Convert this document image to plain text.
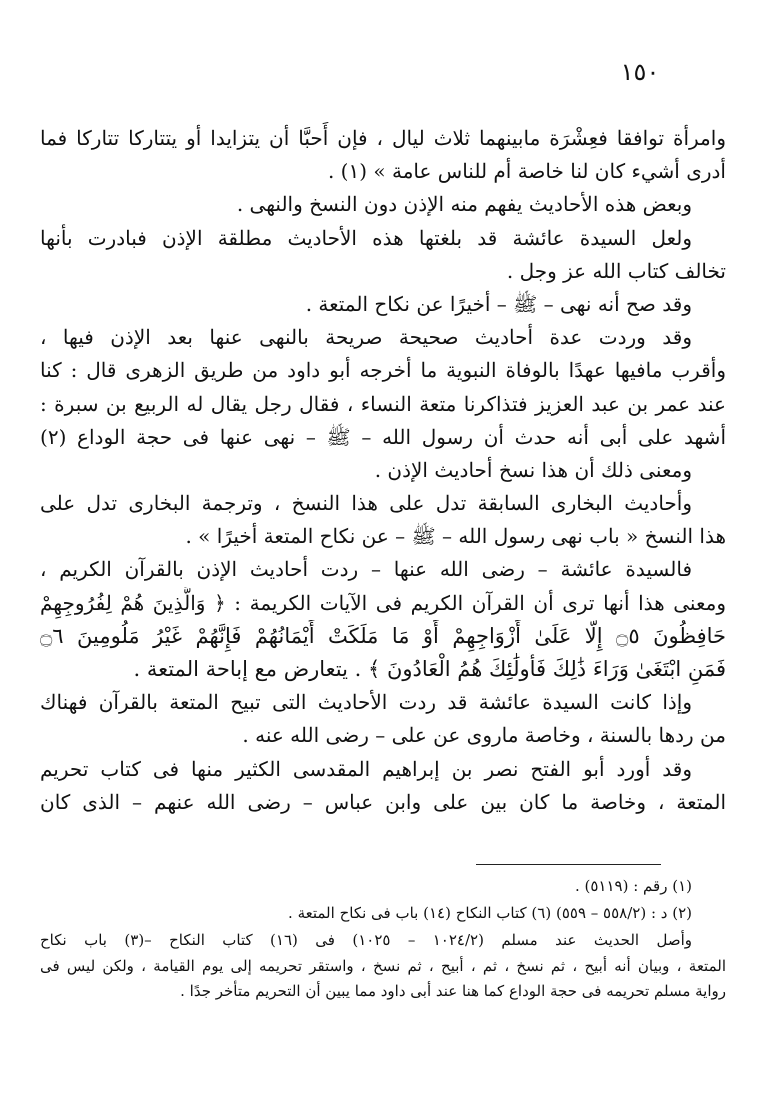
١٥٠
وامرأة توافقا فعِشْرَة مابينهما ثلاث ليال ، فإن أَحبَّا أن يتزايدا أو يتتاركا تتاركا فما
أدرى أشيء كان لنا خاصة أم للناس عامة » (١) .
وبعض هذه الأحاديث يفهم منه الإذن دون النسخ والنهى .
ولعل السيدة عائشة قد بلغتها هذه الأحاديث مطلقة الإذن فبادرت بأنها
تخالف كتاب الله عز وجل .
وقد صح أنه نهى – ﷺ – أخيرًا عن نكاح المتعة .
وقد وردت عدة أحاديث صحيحة صريحة بالنهى عنها بعد الإذن فيها ،
وأقرب مافيها عهدًا بالوفاة النبوية ما أخرجه أبو داود من طريق الزهرى قال : كنا
عند عمر بن عبد العزيز فتذاكرنا متعة النساء ، فقال رجل يقال له الربيع بن سبرة :
أشهد على أبى أنه حدث أن رسول الله – ﷺ – نهى عنها فى حجة الوداع (٢)
ومعنى ذلك أن هذا نسخ أحاديث الإذن .
وأحاديث البخارى السابقة تدل على هذا النسخ ، وترجمة البخارى تدل على
هذا النسخ « باب نهى رسول الله – ﷺ – عن نكاح المتعة أخيرًا » .
فالسيدة عائشة – رضى الله عنها – ردت أحاديث الإذن بالقرآن الكريم ،
ومعنى هذا أنها ترى أن القرآن الكريم فى الآيات الكريمة : ﴿ وَالَّذِينَ هُمْ لِفُرُوجِهِمْ
حَافِظُونَ ۝٥ إِلَّا عَلَىٰ أَزْوَاجِهِمْ أَوْ مَا مَلَكَتْ أَيْمَانُهُمْ فَإِنَّهُمْ غَيْرُ مَلُومِينَ ۝٦
فَمَنِ ابْتَغَىٰ وَرَاءَ ذَٰلِكَ فَأُولَٰئِكَ هُمُ الْعَادُونَ ﴾ . يتعارض مع إباحة المتعة .
وإذا كانت السيدة عائشة قد ردت الأحاديث التى تبيح المتعة بالقرآن فهناك
من ردها بالسنة ، وخاصة ماروى عن على – رضى الله عنه .
وقد أورد أبو الفتح نصر بن إبراهيم المقدسى الكثير منها فى كتاب تحريم
المتعة ، وخاصة ما كان بين على وابن عباس – رضى الله عنهم – الذى كان
(١) رقم : (٥١١٩) .
(٢) د : (٥٥٨/٢ – ٥٥٩) (٦) كتاب النكاح (١٤) باب فى نكاح المتعة .
وأصل الحديث عند مسلم (١٠٢٤/٢ – ١٠٢٥) فى (١٦) كتاب النكاح –(٣) باب نكاح
المتعة ، وبيان أنه أبيح ، ثم نسخ ، ثم ، أبيح ، ثم نسخ ، واستقر تحريمه إلى يوم القيامة ، ولكن ليس فى
رواية مسلم تحريمه فى حجة الوداع كما هنا عند أبى داود مما يبين أن التحريم متأخر جدًا .
